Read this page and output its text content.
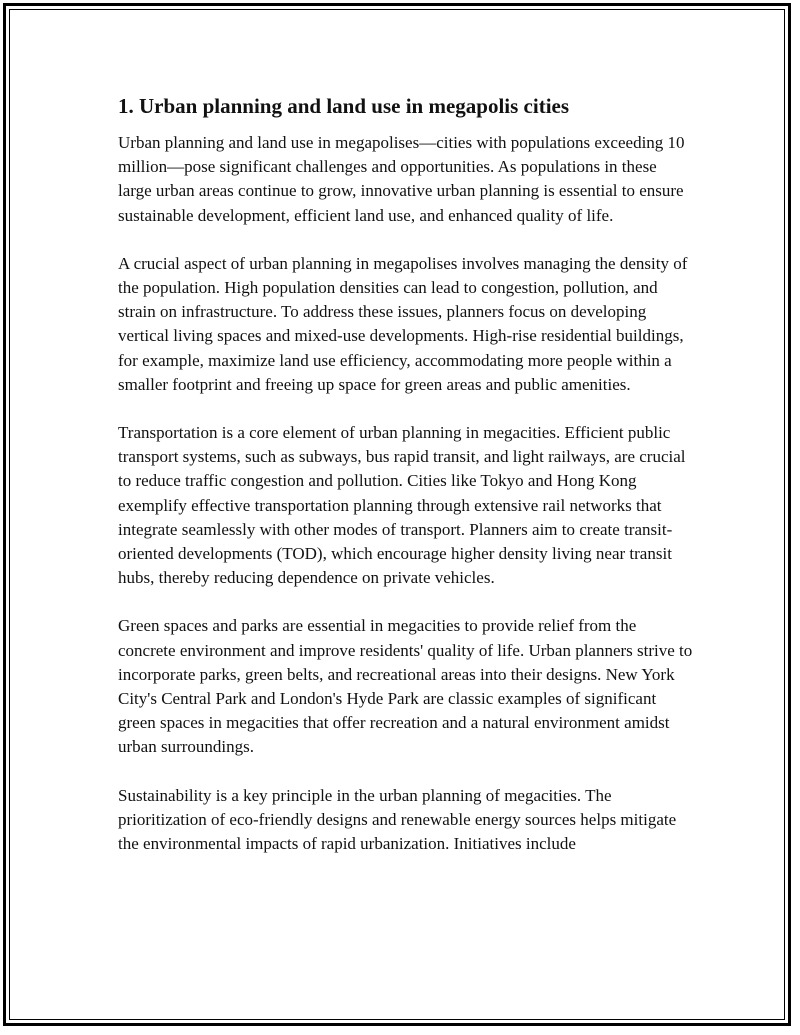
1. Urban planning and land use in megapolis cities

Urban planning and land use in megapolises—cities with populations exceeding 10 million—pose significant challenges and opportunities. As populations in these large urban areas continue to grow, innovative urban planning is essential to ensure sustainable development, efficient land use, and enhanced quality of life.

A crucial aspect of urban planning in megapolises involves managing the density of the population. High population densities can lead to congestion, pollution, and strain on infrastructure. To address these issues, planners focus on developing vertical living spaces and mixed-use developments. High-rise residential buildings, for example, maximize land use efficiency, accommodating more people within a smaller footprint and freeing up space for green areas and public amenities.

Transportation is a core element of urban planning in megacities. Efficient public transport systems, such as subways, bus rapid transit, and light railways, are crucial to reduce traffic congestion and pollution. Cities like Tokyo and Hong Kong exemplify effective transportation planning through extensive rail networks that integrate seamlessly with other modes of transport. Planners aim to create transit-oriented developments (TOD), which encourage higher density living near transit hubs, thereby reducing dependence on private vehicles.

Green spaces and parks are essential in megacities to provide relief from the concrete environment and improve residents' quality of life. Urban planners strive to incorporate parks, green belts, and recreational areas into their designs. New York City's Central Park and London's Hyde Park are classic examples of significant green spaces in megacities that offer recreation and a natural environment amidst urban surroundings.

Sustainability is a key principle in the urban planning of megacities. The prioritization of eco-friendly designs and renewable energy sources helps mitigate the environmental impacts of rapid urbanization. Initiatives include
